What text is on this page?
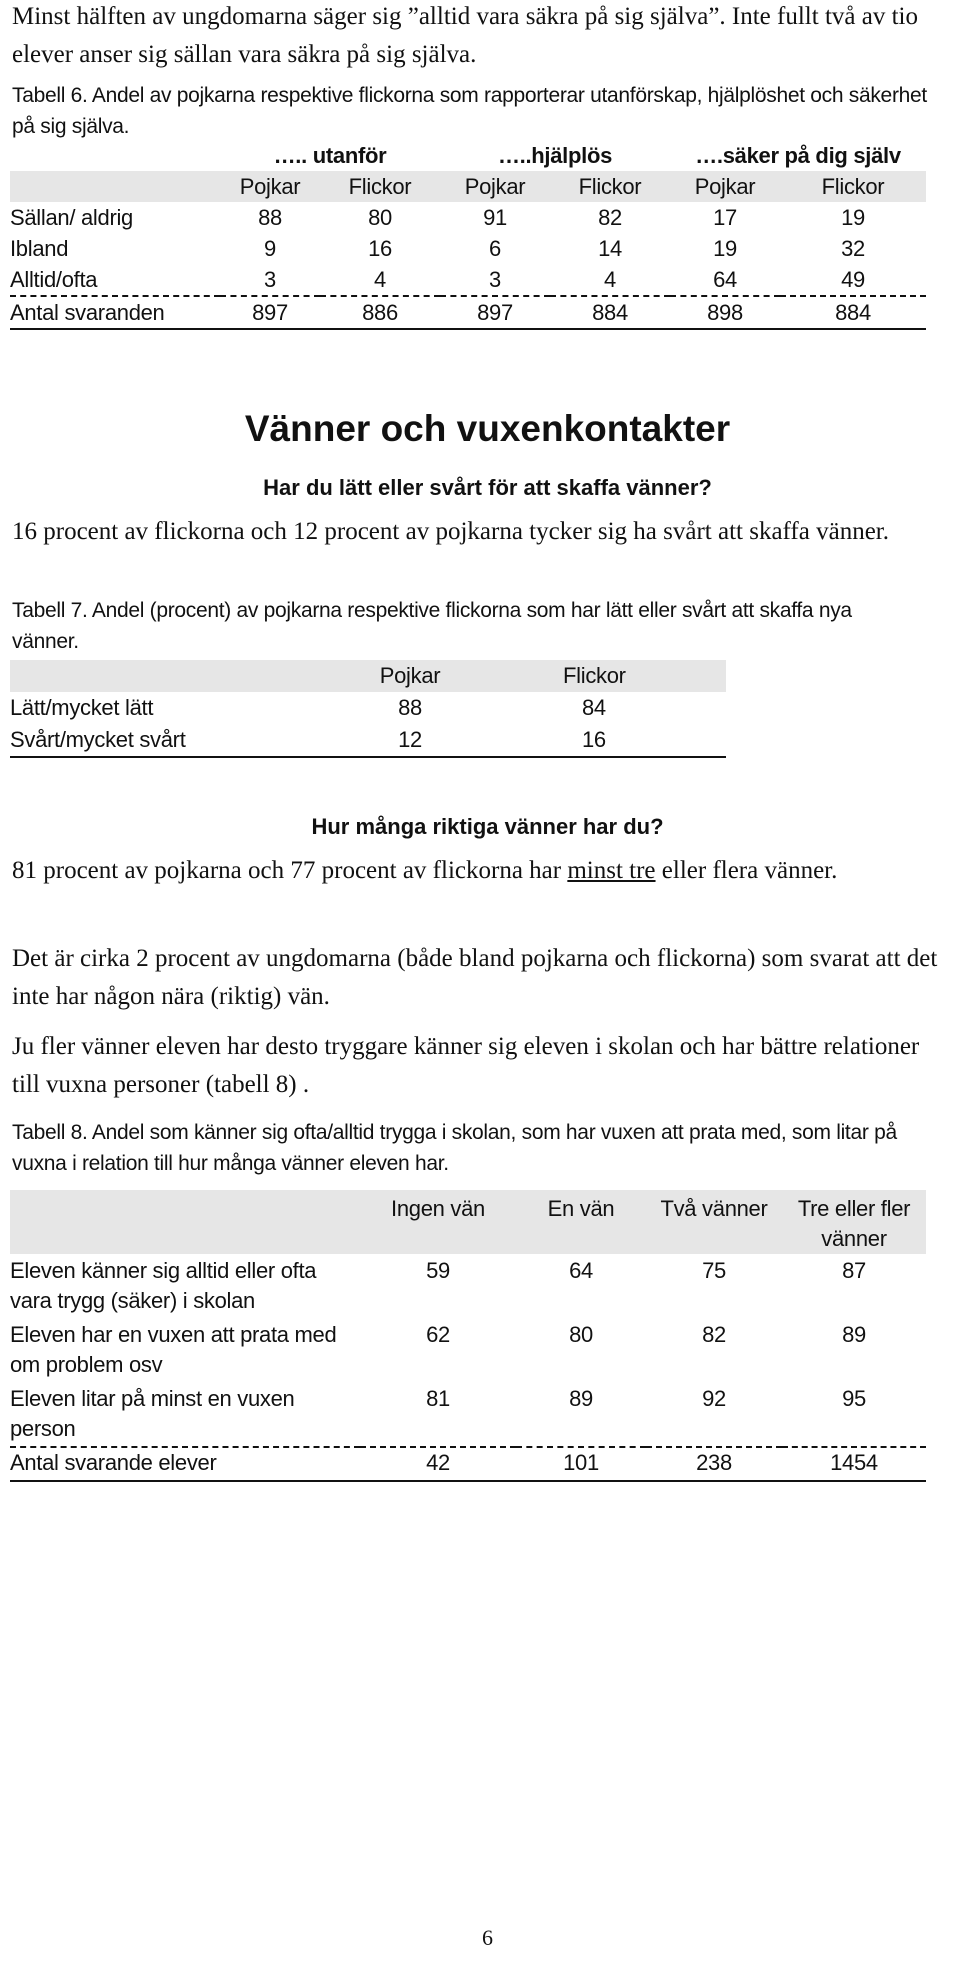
Minst hälften av ungdomarna säger sig ”alltid vara säkra på sig själva”. Inte fullt två av tio elever anser sig sällan vara säkra på sig själva.

Tabell 6. Andel av pojkarna respektive flickorna som rapporterar utanförskap, hjälplöshet och säkerhet på sig själva.

	….. utanför		…..hjälplös		….säker på dig själv	
	Pojkar	Flickor	Pojkar	Flickor	Pojkar	Flickor
Sällan/ aldrig	88	80	91	82	17	19
Ibland	9	16	6	14	19	32
Alltid/ofta	3	4	3	4	64	49
Antal svaranden	897	886	897	884	898	884
Vänner och vuxenkontakter
Har du lätt eller svårt för att skaffa vänner?

16 procent av flickorna och 12 procent av pojkarna tycker sig ha svårt att skaffa vänner.

Tabell 7. Andel (procent) av pojkarna respektive flickorna som har lätt eller svårt att skaffa nya vänner.

	Pojkar	Flickor
Lätt/mycket lätt	88	84
Svårt/mycket svårt	12	16
Hur många riktiga vänner har du?

81 procent av pojkarna och 77 procent av flickorna har minst tre eller flera vänner.

Det är cirka 2 procent av ungdomarna (både bland pojkarna och flickorna) som svarat att det inte har någon nära (riktig) vän.

Ju fler vänner eleven har desto tryggare känner sig eleven i skolan och har bättre relationer till vuxna personer (tabell 8) .

Tabell 8. Andel som känner sig ofta/alltid trygga i skolan, som har vuxen att prata med, som litar på vuxna i relation till hur många vänner eleven har.

	Ingen vän	En vän	Två vänner	Tre eller fler vänner
Eleven känner sig alltid eller ofta vara trygg (säker) i skolan	59	64	75	87
Eleven har en vuxen att prata med om problem osv	62	80	82	89
Eleven litar på minst en vuxen person	81	89	92	95
Antal svarande elever	42	101	238	1454
6
